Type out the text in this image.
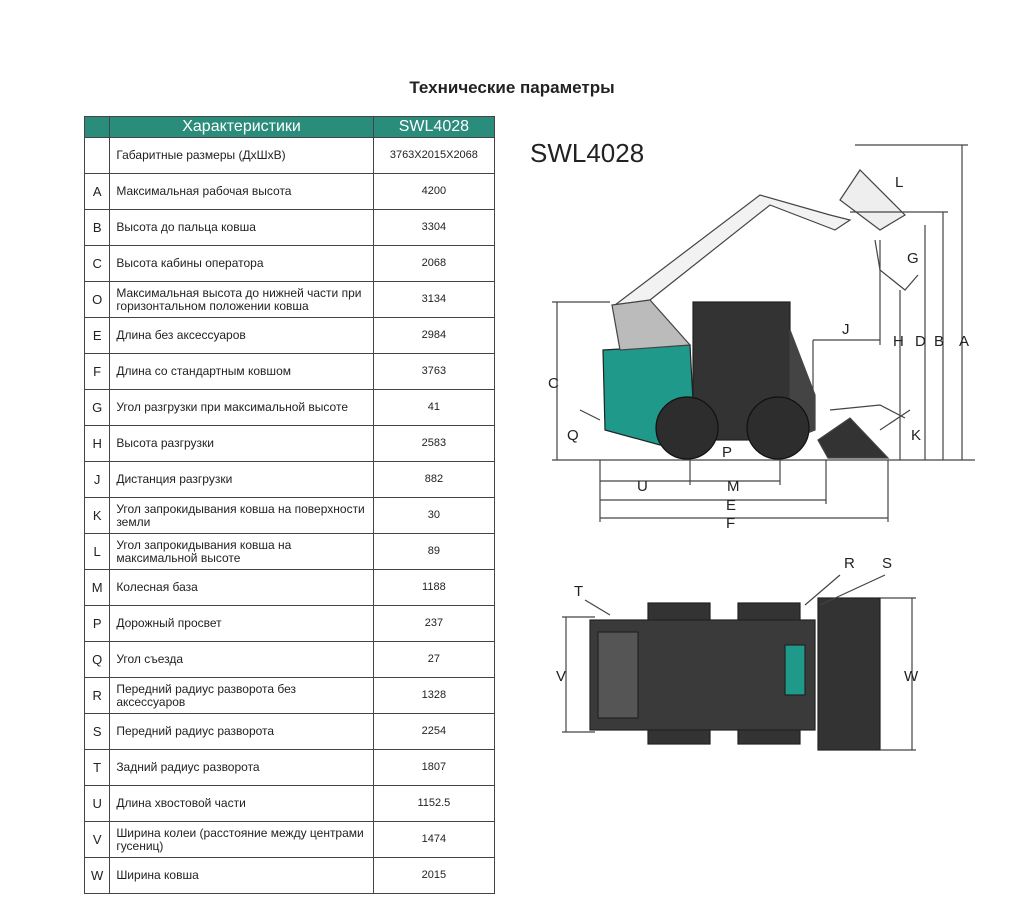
Технические параметры
	Характеристики	SWL4028
	Габаритные размеры (ДхШхВ)	3763X2015X2068
A	Максимальная рабочая высота	4200
B	Высота до пальца ковша	3304
C	Высота кабины оператора	2068
O	Максимальная высота до нижней части при горизонтальном положении ковша	3134
E	Длина без аксессуаров	2984
F	Длина со стандартным ковшом	3763
G	Угол разгрузки при максимальной высоте	41
H	Высота разгрузки	2583
J	Дистанция разгрузки	882
K	Угол запрокидывания ковша на поверхности земли	30
L	Угол запрокидывания ковша на максимальной высоте	89
M	Колесная база	1188
P	Дорожный просвет	237
Q	Угол съезда	27
R	Передний радиус разворота без аксессуаров	1328
S	Передний радиус разворота	2254
T	Задний радиус разворота	1807
U	Длина хвостовой части	1152.5
V	Ширина колеи (расстояние между центрами гусениц)	1474
W	Ширина ковша	2015
SWL4028
A
B
C
D
E
F
G
H
J
K
L
M
P
Q
U
R S
T
V	W
